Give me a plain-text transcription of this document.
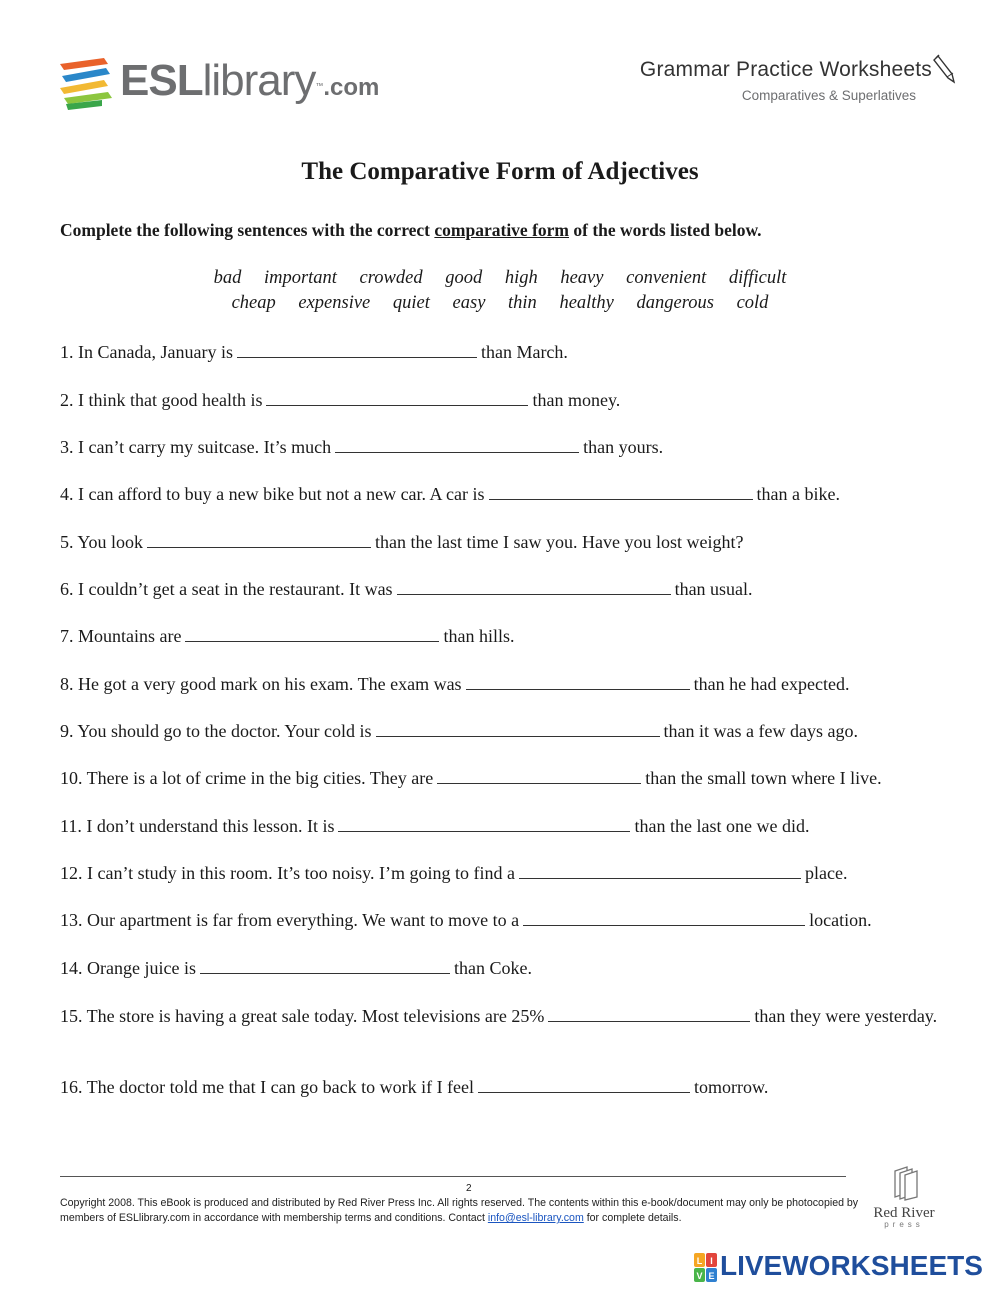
ESLlibrary™.com
Grammar Practice Worksheets
Comparatives & Superlatives
The Comparative Form of Adjectives
Complete the following sentences with the correct comparative form of the words listed below.
bad important crowded good high heavy convenient difficult
cheap expensive quiet easy thin healthy dangerous cold
1. In Canada, January is	than March.
2. I think that good health is	than money.
3. I can’t carry my suitcase. It’s much	than yours.
4. I can afford to buy a new bike but not a new car. A car is	than a bike.
5. You look	than the last time I saw you. Have you lost weight?
6. I couldn’t get a seat in the restaurant. It was	than usual.
7. Mountains are	than hills.
8. He got a very good mark on his exam. The exam was	than he had expected.
9. You should go to the doctor. Your cold is	than it was a few days ago.
10. There is a lot of crime in the big cities. They are	than the small town where I live.
11. I don’t understand this lesson. It is	than the last one we did.
12. I can’t study in this room. It’s too noisy. I’m going to find a	place.
13. Our apartment is far from everything. We want to move to a	location.
14. Orange juice is	than Coke.
15. The store is having a great sale today. Most televisions are 25%	than they were yesterday.
16. The doctor told me that I can go back to work if I feel	tomorrow.
2
Copyright 2008. This eBook is produced and distributed by Red River Press Inc. All rights reserved. The contents within this e-book/document may only be photocopied by members of ESLlibrary.com in accordance with membership terms and conditions. Contact info@esl-library.com for complete details.	Red River
press
L I
V E LIVEWORKSHEETS
